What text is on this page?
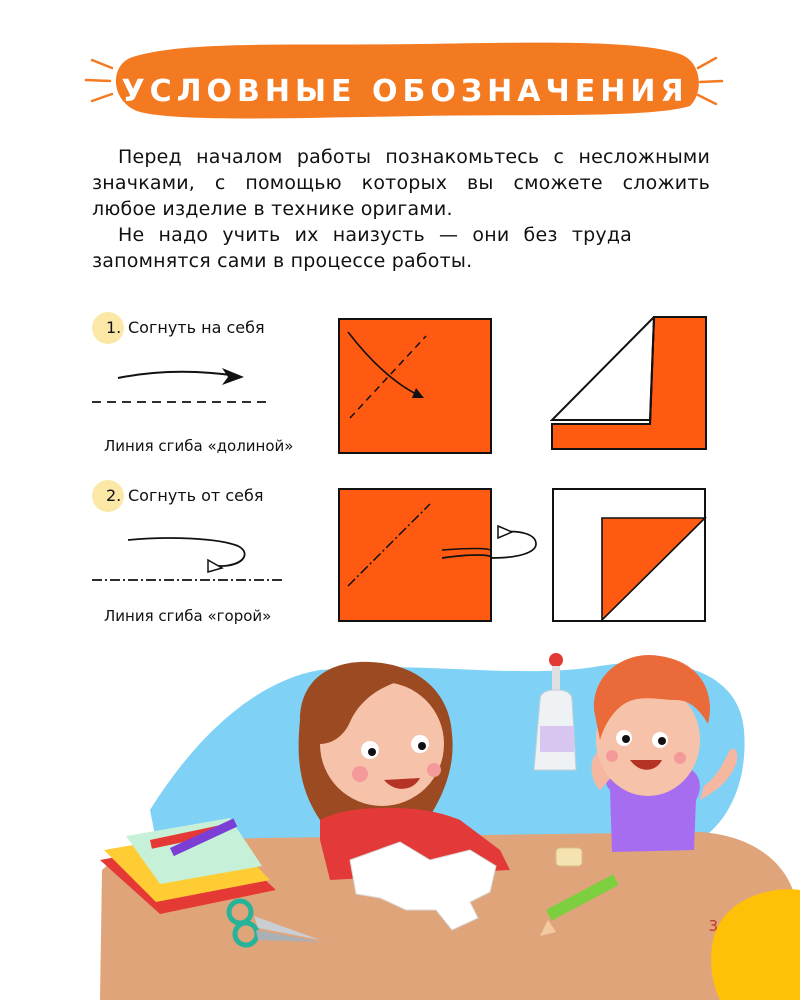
УСЛОВНЫЕ ОБОЗНАЧЕНИЯ
Перед началом работы познакомьтесь с несложными
значками, с помощью которых вы сможете сложить
любое изделие в технике оригами.
Не надо учить их наизусть — они без труда
запомнятся сами в процессе работы.
1. Согнуть на себя
Линия сгиба «долиной»
2. Согнуть от себя
Линия сгиба «горой»
3
